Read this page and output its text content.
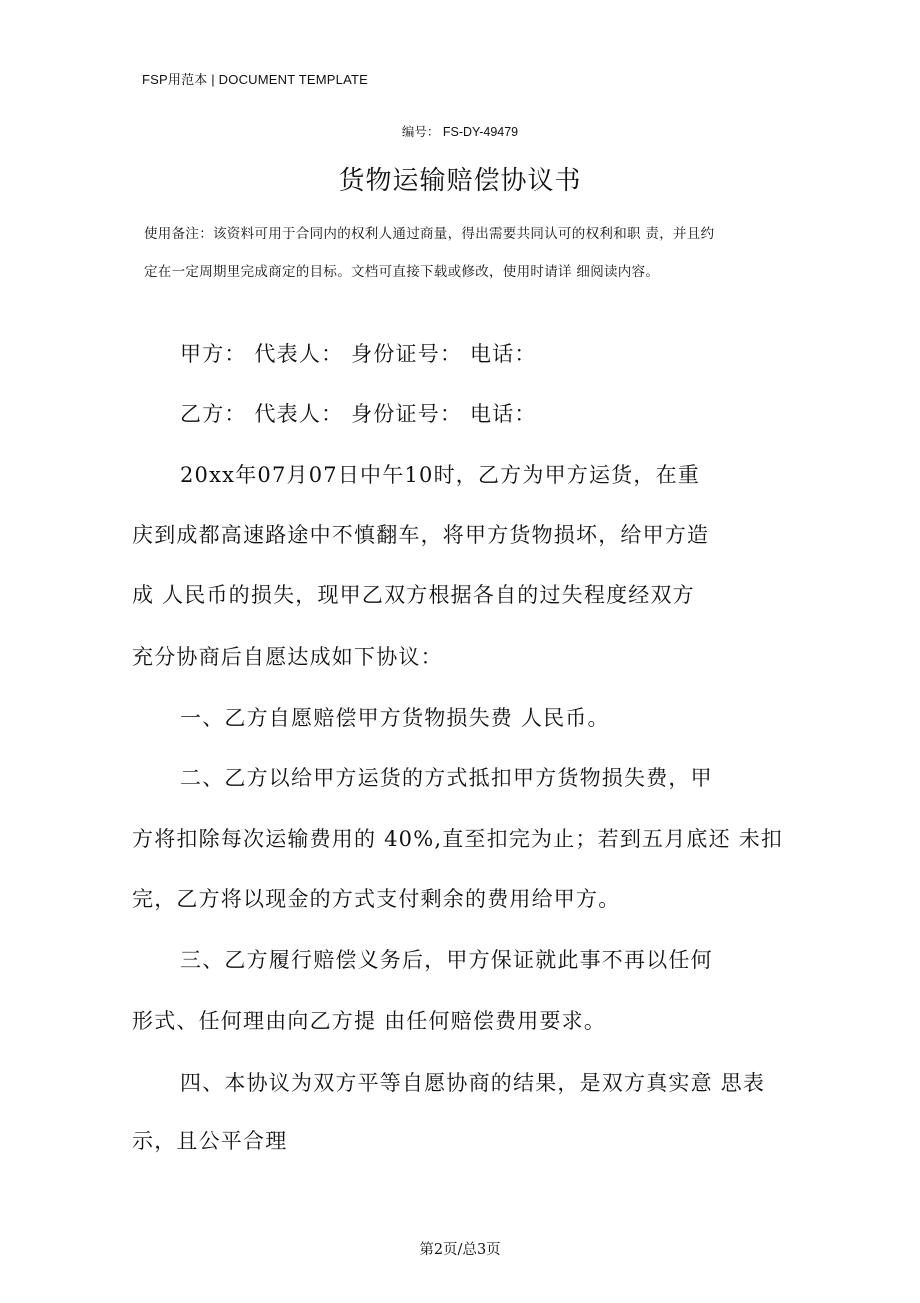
FSP用范本 | DOCUMENT TEMPLATE
编号： FS-DY-49479
货物运输赔偿协议书
使用备注：该资料可用于合同内的权利人通过商量，得出需要共同认可的权利和职 责，并且约
定在一定周期里完成商定的目标。文档可直接下载或修改，使用时请详 细阅读内容。
甲方： 代表人： 身份证号： 电话：
乙方： 代表人： 身份证号： 电话：
20xx年07月07日中午10时，乙方为甲方运货，在重
庆到成都高速路途中不慎翻车，将甲方货物损坏，给甲方造
成 人民币的损失，现甲乙双方根据各自的过失程度经双方
充分协商后自愿达成如下协议：
一、乙方自愿赔偿甲方货物损失费 人民币。
二、乙方以给甲方运货的方式抵扣甲方货物损失费，甲
方将扣除每次运输费用的 40%,直至扣完为止；若到五月底还 未扣
完，乙方将以现金的方式支付剩余的费用给甲方。
三、乙方履行赔偿义务后，甲方保证就此事不再以任何
形式、任何理由向乙方提 由任何赔偿费用要求。
四、本协议为双方平等自愿协商的结果，是双方真实意 思表
示，且公平合理
第2页/总3页
